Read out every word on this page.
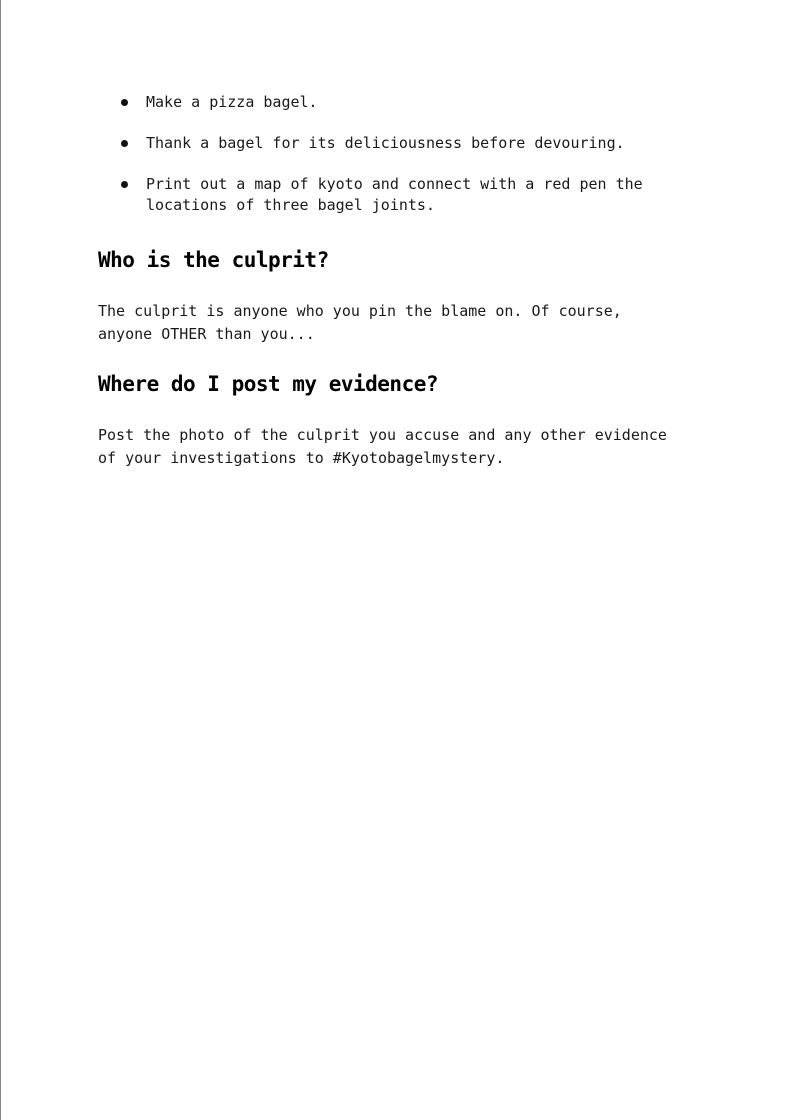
Make a pizza bagel.
Thank a bagel for its deliciousness before devouring.
Print out a map of kyoto and connect with a red pen the
locations of three bagel joints.
Who is the culprit?
The culprit is anyone who you pin the blame on. Of course,
anyone OTHER than you...
Where do I post my evidence?
Post the photo of the culprit you accuse and any other evidence
of your investigations to #Kyotobagelmystery.
